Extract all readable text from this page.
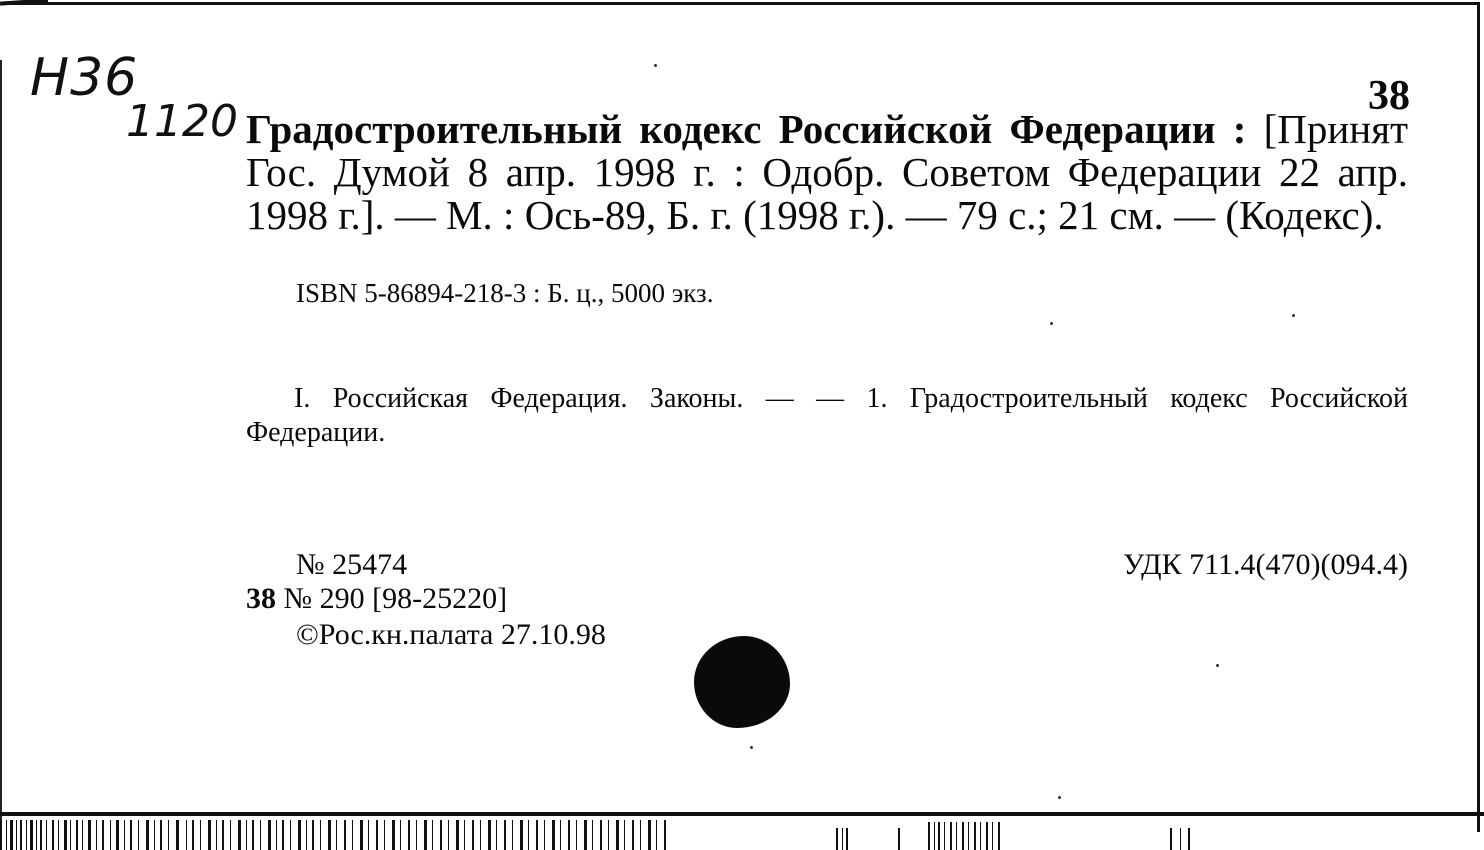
Н36
1120	38
Градостроительный кодекс Российской Федерации : [Принят Гос. Думой 8 апр. 1998 г. : Одобр. Советом Федерации 22 апр. 1998 г.]. — М. : Ось-89, Б. г. (1998 г.). — 79 с.; 21 см. — (Кодекс).
ISBN 5-86894-218-3 : Б. ц., 5000 экз.
I. Российская Федерация. Законы. — — 1. Градостроительный кодекс Российской Федерации.
№ 25474
38 № 290 [98-25220]
©Рос.кн.палата 27.10.98
УДК 711.4(470)(094.4)
